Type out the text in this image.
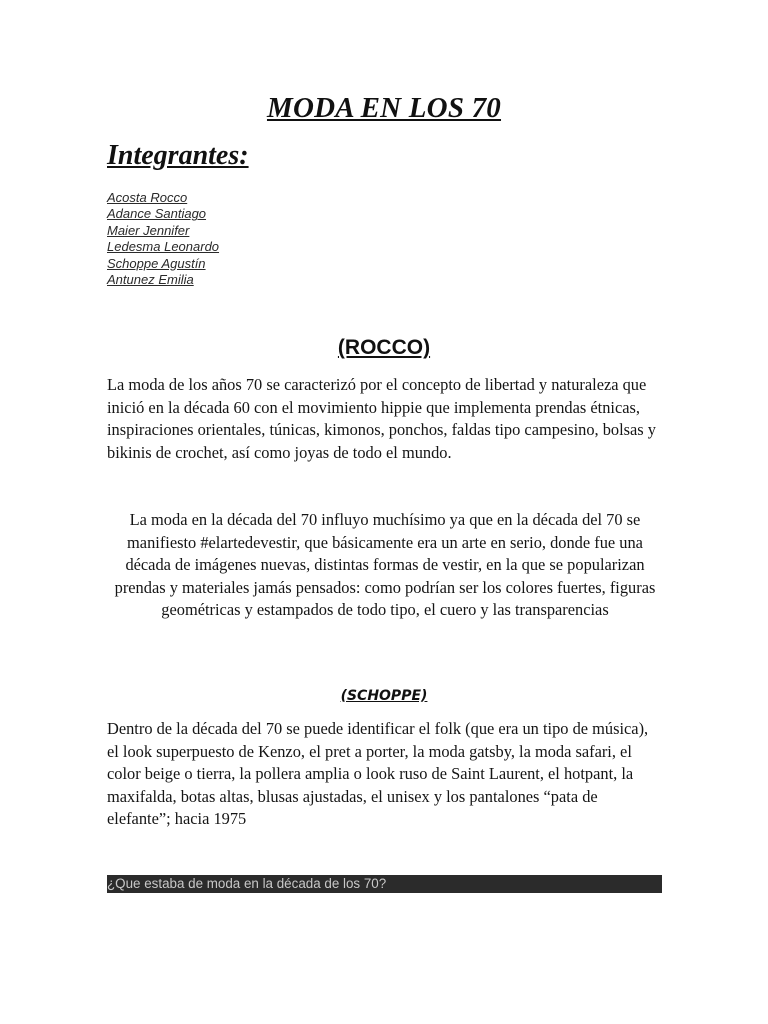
MODA EN LOS 70
Integrantes:
Acosta Rocco
Adance Santiago
Maier Jennifer
Ledesma Leonardo
Schoppe Agustín
Antunez Emilia
(ROCCO)

La moda de los años 70 se caracterizó por el concepto de libertad y naturaleza que inició en la década 60 con el movimiento hippie que implementa prendas étnicas, inspiraciones orientales, túnicas, kimonos, ponchos, faldas tipo campesino, bolsas y bikinis de crochet, así como joyas de todo el mundo.

La moda en la década del 70 influyo muchísimo ya que en la década del 70 se manifiesto #elartedevestir, que básicamente era un arte en serio, donde fue una década de imágenes nuevas, distintas formas de vestir, en la que se popularizan prendas y materiales jamás pensados: como podrían ser los colores fuertes, figuras geométricas y estampados de todo tipo, el cuero y las transparencias

(SCHOPPE)

Dentro de la década del 70 se puede identificar el folk (que era un tipo de música), el look superpuesto de Kenzo, el pret a porter, la moda gatsby, la moda safari, el color beige o tierra, la pollera amplia o look ruso de Saint Laurent, el hotpant, la maxifalda, botas altas, blusas ajustadas, el unisex y los pantalones “pata de elefante”; hacia 1975

¿Que estaba de moda en la década de los 70?
